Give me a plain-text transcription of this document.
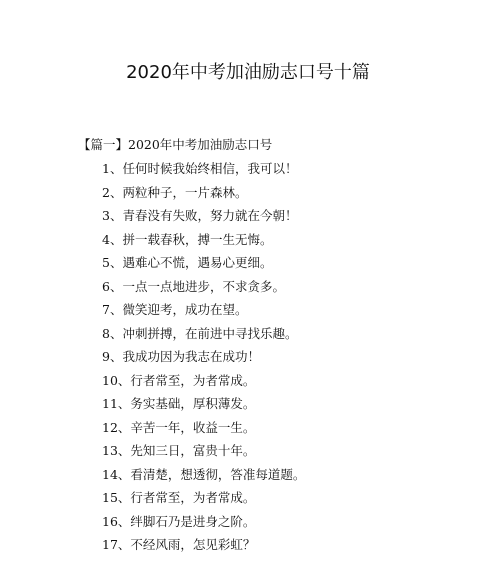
2020年中考加油励志口号十篇
【篇一】2020年中考加油励志口号
1、任何时候我始终相信，我可以！
2、两粒种子，一片森林。
3、青春没有失败，努力就在今朝！
4、拼一载春秋，搏一生无悔。
5、遇难心不慌，遇易心更细。
6、一点一点地进步，不求贪多。
7、微笑迎考，成功在望。
8、冲刺拼搏，在前进中寻找乐趣。
9、我成功因为我志在成功！
10、行者常至，为者常成。
11、务实基础，厚积薄发。
12、辛苦一年，收益一生。
13、先知三日，富贵十年。
14、看清楚，想透彻，答准每道题。
15、行者常至，为者常成。
16、绊脚石乃是进身之阶。
17、不经风雨，怎见彩虹？
